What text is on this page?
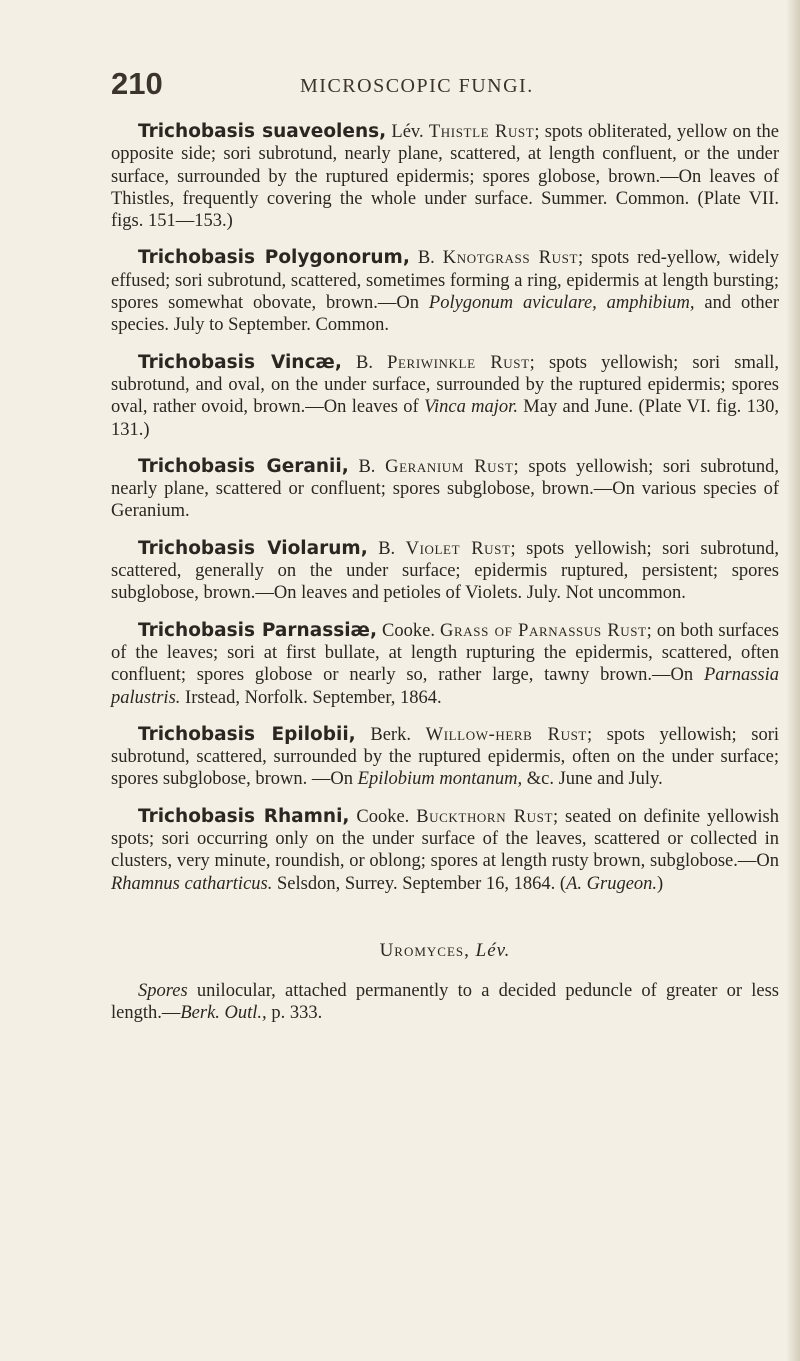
210	MICROSCOPIC FUNGI.

Trichobasis suaveolens, Lév. Thistle Rust; spots obliterated, yellow on the opposite side; sori subrotund, nearly plane, scattered, at length confluent, or the under surface, surrounded by the ruptured epidermis; spores globose, brown.—On leaves of Thistles, frequently covering the whole under surface. Summer. Common. (Plate VII. figs. 151—153.)

Trichobasis Polygonorum, B. Knotgrass Rust; spots red-yellow, widely effused; sori subrotund, scattered, sometimes forming a ring, epidermis at length bursting; spores somewhat obovate, brown.—On Polygonum aviculare, amphibium, and other species. July to September. Common.

Trichobasis Vincæ, B. Periwinkle Rust; spots yellowish; sori small, subrotund, and oval, on the under surface, surrounded by the ruptured epidermis; spores oval, rather ovoid, brown.—On leaves of Vinca major. May and June. (Plate VI. fig. 130, 131.)

Trichobasis Geranii, B. Geranium Rust; spots yellowish; sori subrotund, nearly plane, scattered or confluent; spores subglobose, brown.—On various species of Geranium.

Trichobasis Violarum, B. Violet Rust; spots yellowish; sori subrotund, scattered, generally on the under surface; epidermis ruptured, persistent; spores subglobose, brown.—On leaves and petioles of Violets. July. Not uncommon.

Trichobasis Parnassiæ, Cooke. Grass of Parnassus Rust; on both surfaces of the leaves; sori at first bullate, at length rupturing the epidermis, scattered, often confluent; spores globose or nearly so, rather large, tawny brown.—On Parnassia palustris. Irstead, Norfolk. September, 1864.

Trichobasis Epilobii, Berk. Willow-herb Rust; spots yellowish; sori subrotund, scattered, surrounded by the ruptured epidermis, often on the under surface; spores subglobose, brown. —On Epilobium montanum, &c. June and July.

Trichobasis Rhamni, Cooke. Buckthorn Rust; seated on definite yellowish spots; sori occurring only on the under surface of the leaves, scattered or collected in clusters, very minute, roundish, or oblong; spores at length rusty brown, subglobose.—On Rhamnus catharticus. Selsdon, Surrey. September 16, 1864. (A. Grugeon.)

Uromyces, Lév.

Spores unilocular, attached permanently to a decided peduncle of greater or less length.—Berk. Outl., p. 333.
